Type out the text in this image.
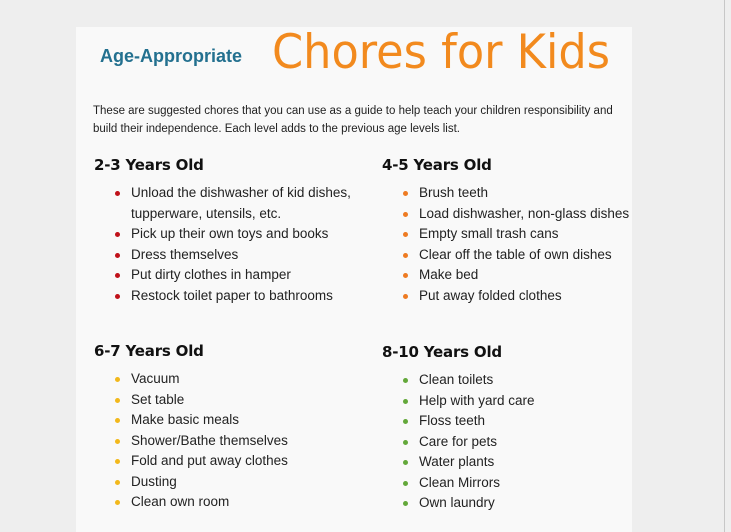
Age-Appropriate Chores for Kids
These are suggested chores that you can use as a guide to help teach your children responsibility and build their independence. Each level adds to the previous age levels list.
2-3 Years Old
Unload the dishwasher of kid dishes, tupperware, utensils, etc.
Pick up their own toys and books
Dress themselves
Put dirty clothes in hamper
Restock toilet paper to bathrooms
4-5 Years Old
Brush teeth
Load dishwasher, non-glass dishes
Empty small trash cans
Clear off the table of own dishes
Make bed
Put away folded clothes
6-7 Years Old
Vacuum
Set table
Make basic meals
Shower/Bathe themselves
Fold and put away clothes
Dusting
Clean own room
8-10 Years Old
Clean toilets
Help with yard care
Floss teeth
Care for pets
Water plants
Clean Mirrors
Own laundry
